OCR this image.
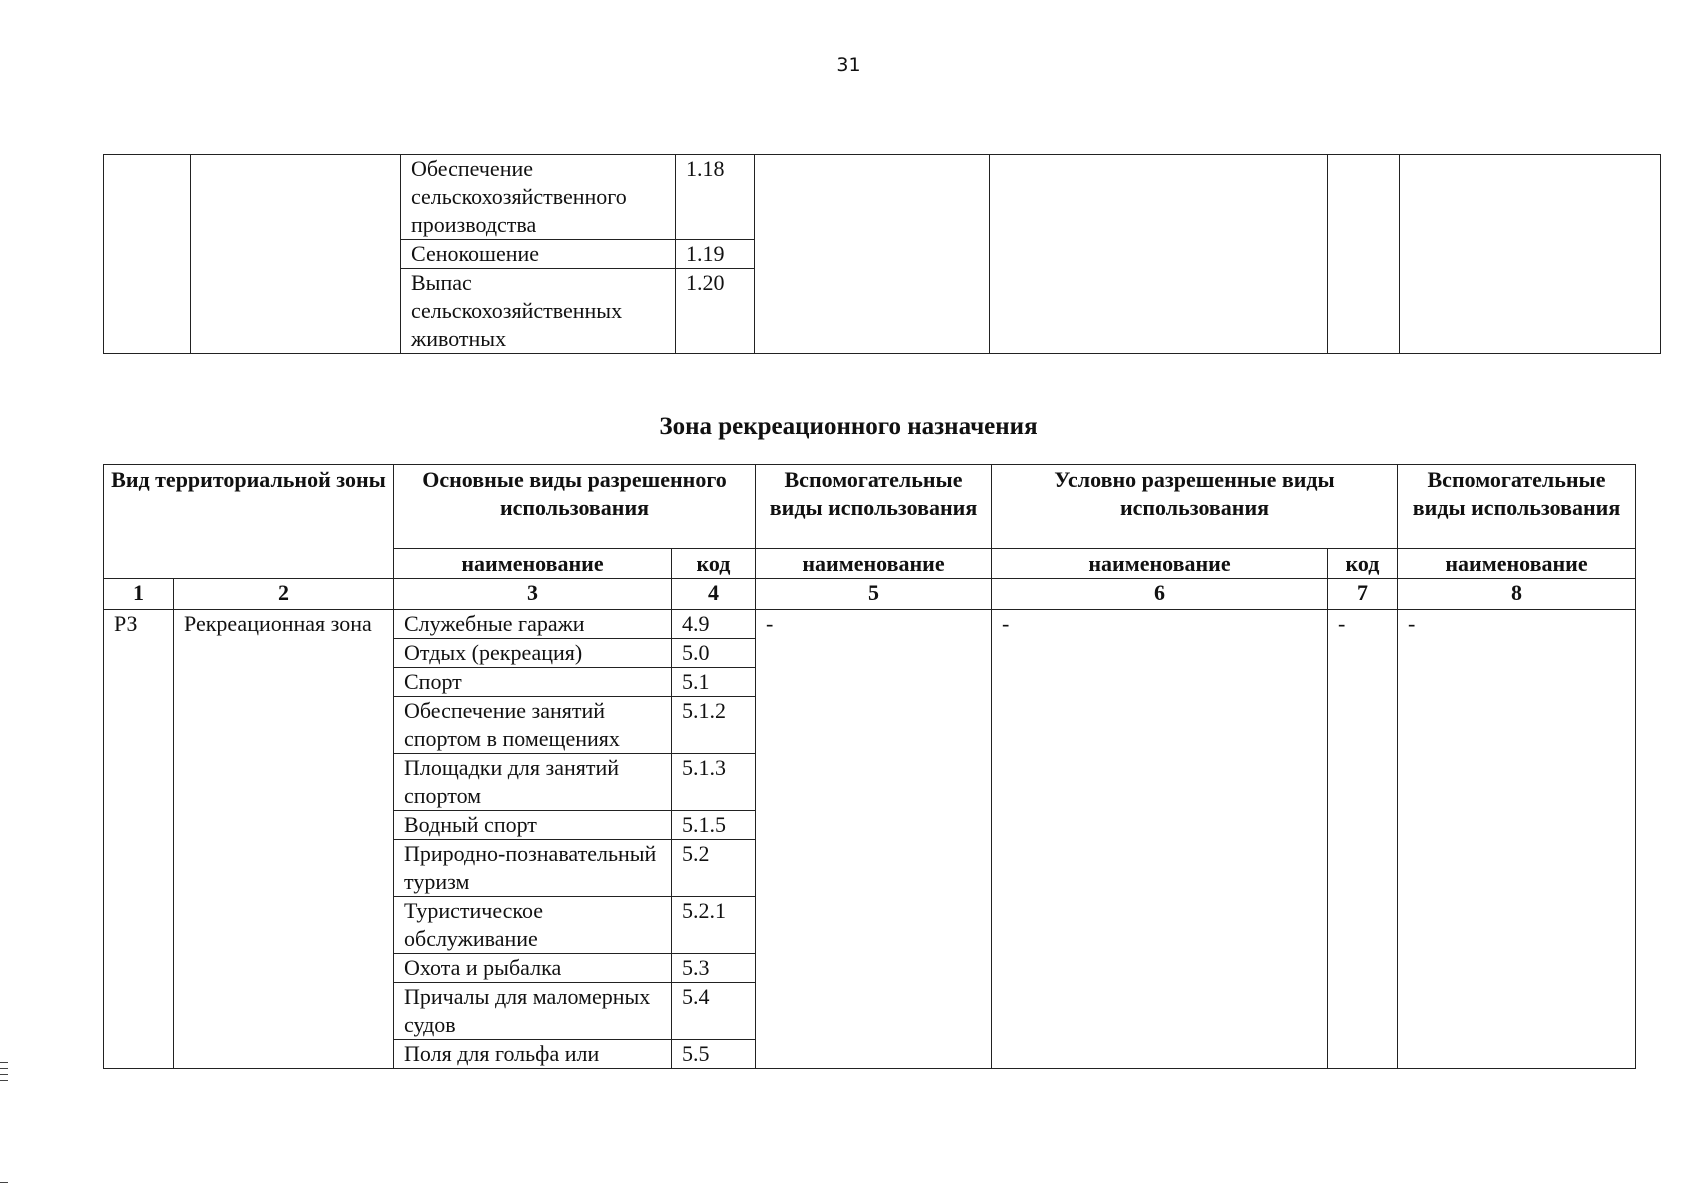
31
		Обеспечение сельскохозяйственного производства	1.18				
		Сенокошение	1.19				
		Выпас сельскохозяйственных животных	1.20				
Зона рекреационного назначения
Вид территориальной зоны		Основные виды разрешенного использования		Вспомогательные виды использования	Условно разрешенные виды использования		Вспомогательные виды использования
		наименование	код	наименование	наименование	код	наименование
1	2	3	4	5	6	7	8
РЗ	Рекреационная зона	Служебные гаражи	4.9	-	-	-	-
		Отдых (рекреация)	5.0				
		Спорт	5.1				
		Обеспечение занятий спортом в помещениях	5.1.2				
		Площадки для занятий спортом	5.1.3				
		Водный спорт	5.1.5				
		Природно-познавательный туризм	5.2				
		Туристическое обслуживание	5.2.1				
		Охота и рыбалка	5.3				
		Причалы для маломерных судов	5.4				
		Поля для гольфа или	5.5				
